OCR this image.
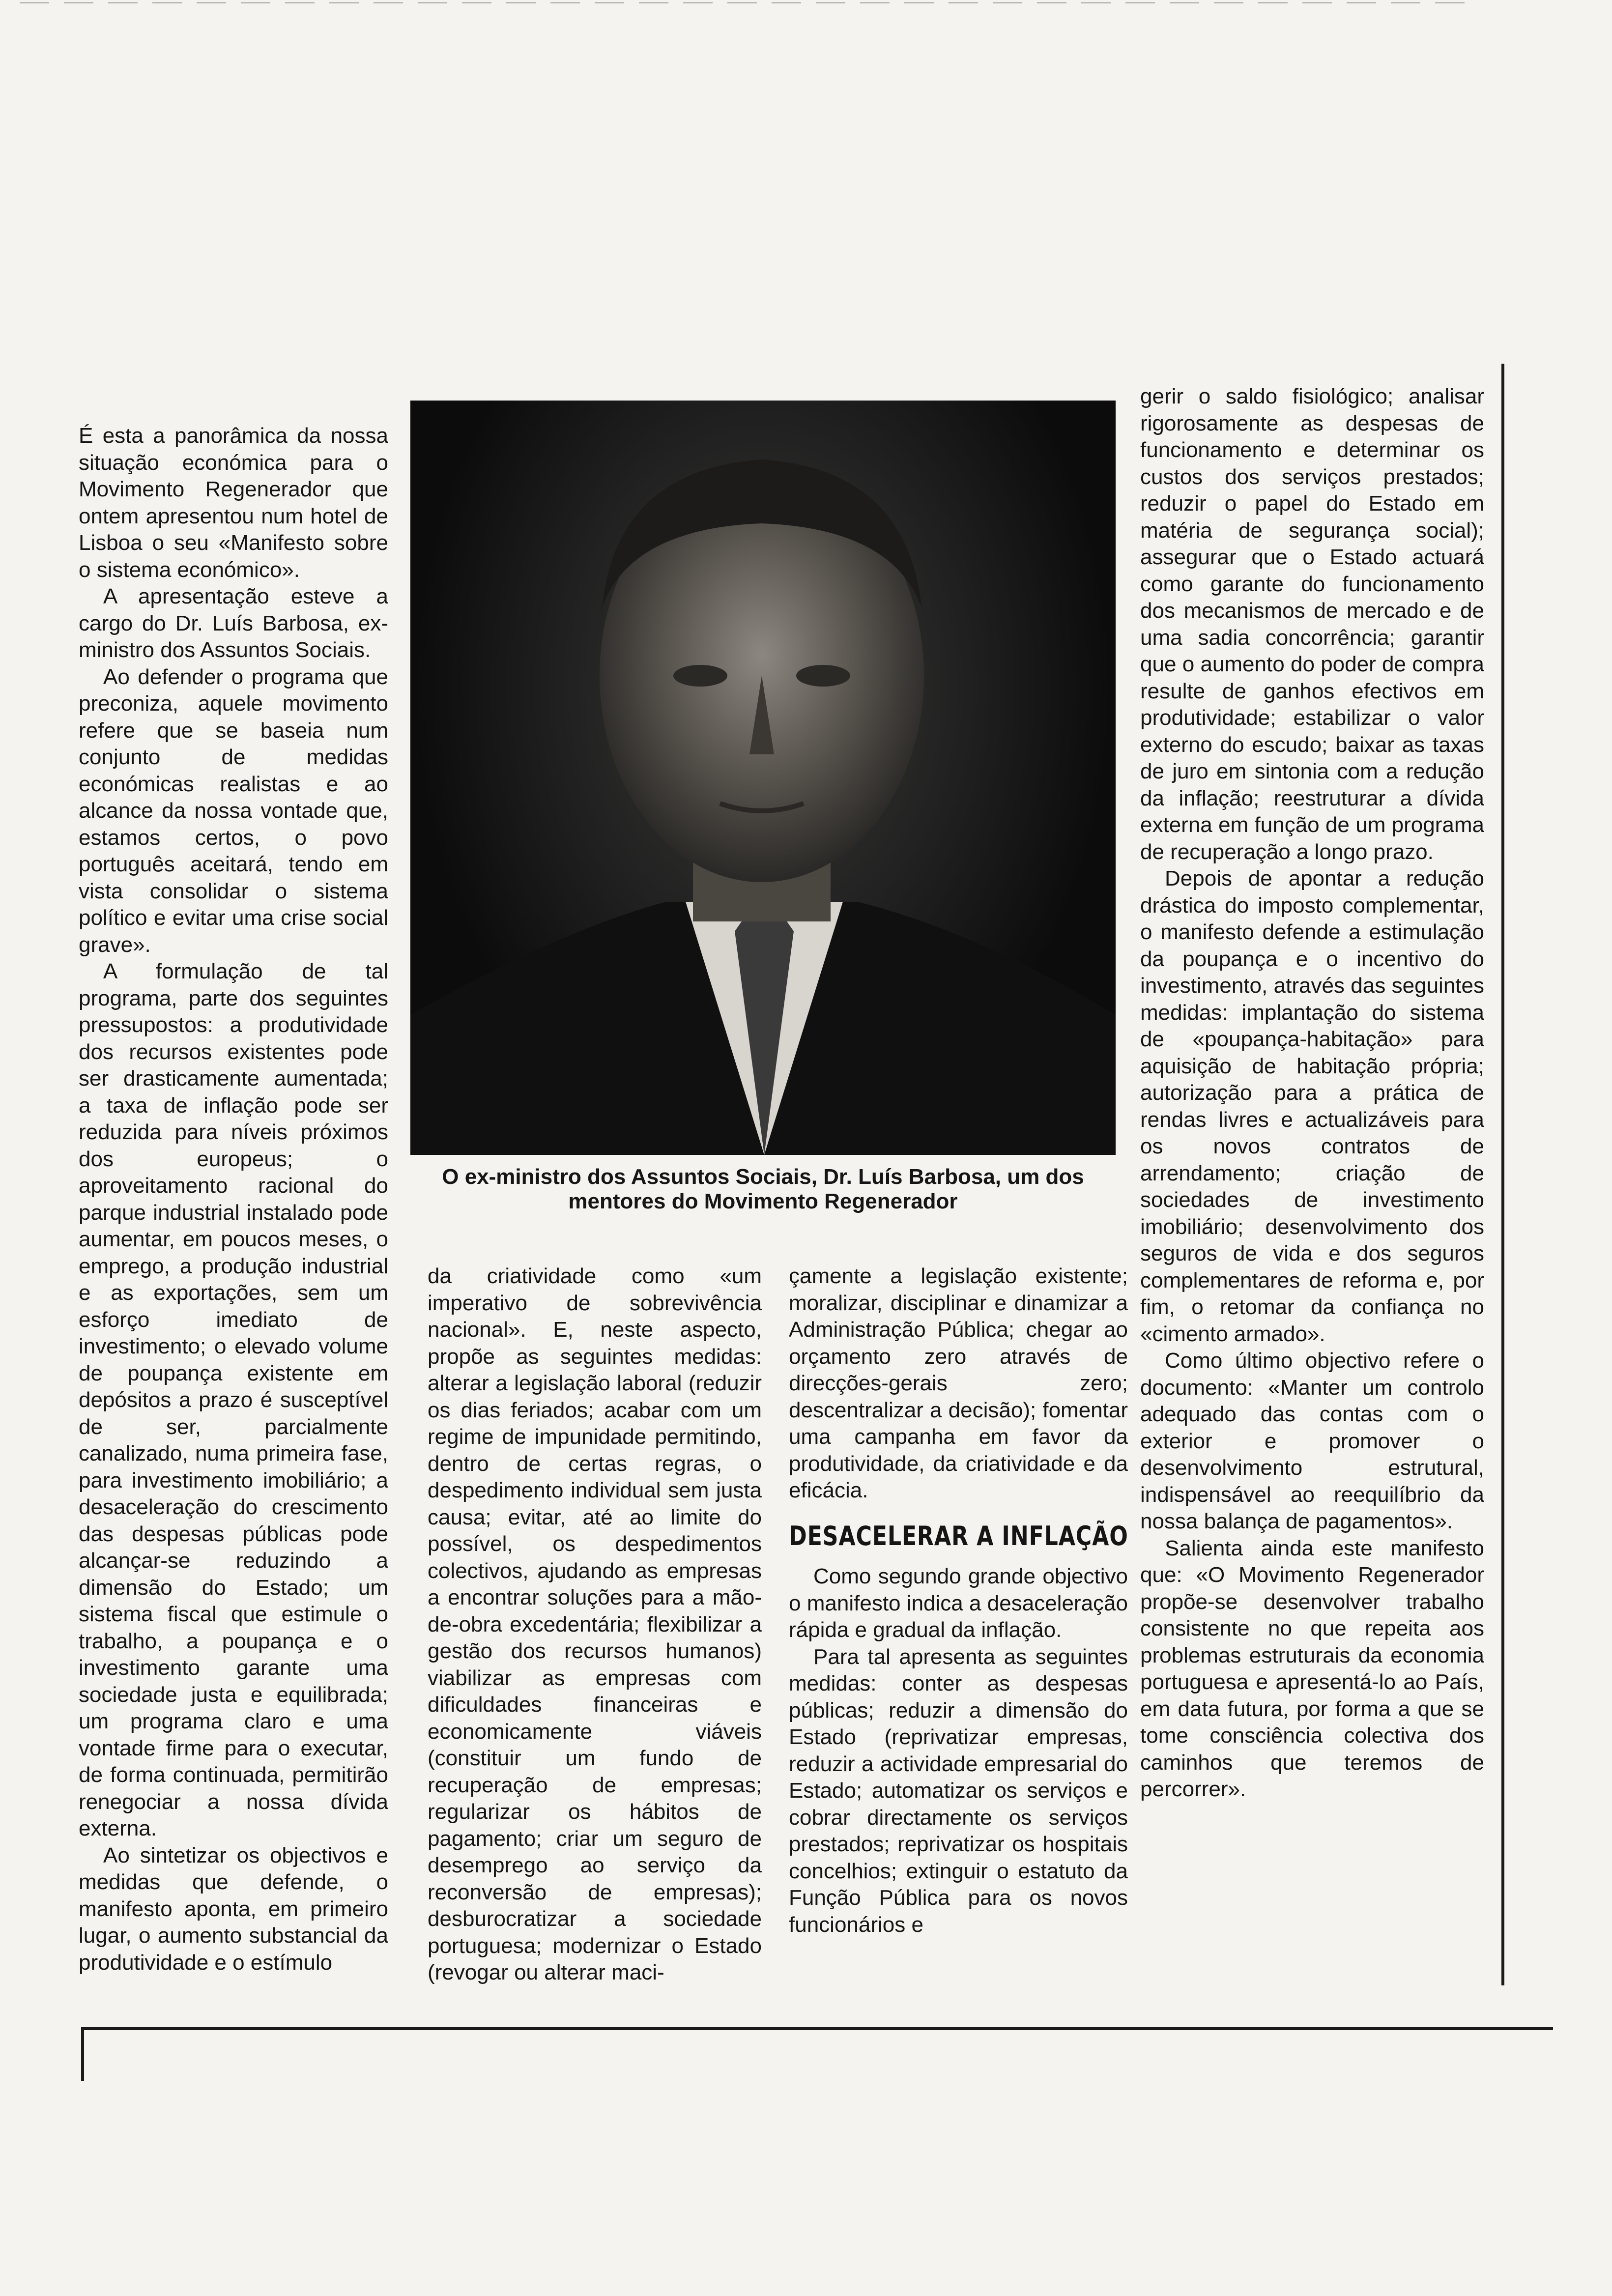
É esta a panorâmica da nossa situação económica para o Movimento Regenerador que ontem apresentou num hotel de Lisboa o seu «Manifesto sobre o sistema económico».

A apresentação esteve a cargo do Dr. Luís Barbosa, ex-ministro dos Assuntos Sociais.

Ao defender o programa que preconiza, aquele movimento refere que se baseia num conjunto de medidas económicas realistas e ao alcance da nossa vontade que, estamos certos, o povo português aceitará, tendo em vista consolidar o sistema político e evitar uma crise social grave».

A formulação de tal programa, parte dos seguintes pressupostos: a produtividade dos recursos existentes pode ser drasticamente aumentada; a taxa de inflação pode ser reduzida para níveis próximos dos europeus; o aproveitamento racional do parque industrial instalado pode aumentar, em poucos meses, o emprego, a produção industrial e as exportações, sem um esforço imediato de investimento; o elevado volume de poupança existente em depósitos a prazo é susceptível de ser, parcialmente canalizado, numa primeira fase, para investimento imobiliário; a desaceleração do crescimento das despesas públicas pode alcançar-se reduzindo a dimensão do Estado; um sistema fiscal que estimule o trabalho, a poupança e o investimento garante uma sociedade justa e equilibrada; um programa claro e uma vontade firme para o executar, de forma continuada, permitirão renegociar a nossa dívida externa.

Ao sintetizar os objectivos e medidas que defende, o manifesto aponta, em primeiro lugar, o aumento substancial da produtividade e o estímulo

O ex-ministro dos Assuntos Sociais, Dr. Luís Barbosa, um dos mentores do Movimento Regenerador

da criatividade como «um imperativo de sobrevivência nacional». E, neste aspecto, propõe as seguintes medidas: alterar a legislação laboral (reduzir os dias feriados; acabar com um regime de impunidade permitindo, dentro de certas regras, o despedimento individual sem justa causa; evitar, até ao limite do possível, os despedimentos colectivos, ajudando as empresas a encontrar soluções para a mão-de-obra excedentária; flexibilizar a gestão dos recursos humanos) viabilizar as empresas com dificuldades financeiras e economicamente viáveis (constituir um fundo de recuperação de empresas; regularizar os hábitos de pagamento; criar um seguro de desemprego ao serviço da reconversão de empresas); desburocratizar a sociedade portuguesa; modernizar o Estado (revogar ou alterar maci-

çamente a legislação existente; moralizar, disciplinar e dinamizar a Administração Pública; chegar ao orçamento zero através de direcções-gerais zero; descentralizar a decisão); fomentar uma campanha em favor da produtividade, da criatividade e da eficácia.

DESACELERAR A INFLAÇÃO

Como segundo grande objectivo o manifesto indica a desaceleração rápida e gradual da inflação.

Para tal apresenta as seguintes medidas: conter as despesas públicas; reduzir a dimensão do Estado (reprivatizar empresas, reduzir a actividade empresarial do Estado; automatizar os serviços e cobrar directamente os serviços prestados; reprivatizar os hospitais concelhios; extinguir o estatuto da Função Pública para os novos funcionários e

gerir o saldo fisiológico; analisar rigorosamente as despesas de funcionamento e determinar os custos dos serviços prestados; reduzir o papel do Estado em matéria de segurança social); assegurar que o Estado actuará como garante do funcionamento dos mecanismos de mercado e de uma sadia concorrência; garantir que o aumento do poder de compra resulte de ganhos efectivos em produtividade; estabilizar o valor externo do escudo; baixar as taxas de juro em sintonia com a redução da inflação; reestruturar a dívida externa em função de um programa de recuperação a longo prazo.

Depois de apontar a redução drástica do imposto complementar, o manifesto defende a estimulação da poupança e o incentivo do investimento, através das seguintes medidas: implantação do sistema de «poupança-habitação» para aquisição de habitação própria; autorização para a prática de rendas livres e actualizáveis para os novos contratos de arrendamento; criação de sociedades de investimento imobiliário; desenvolvimento dos seguros de vida e dos seguros complementares de reforma e, por fim, o retomar da confiança no «cimento armado».

Como último objectivo refere o documento: «Manter um controlo adequado das contas com o exterior e promover o desenvolvimento estrutural, indispensável ao reequilíbrio da nossa balança de pagamentos».

Salienta ainda este manifesto que: «O Movimento Regenerador propõe-se desenvolver trabalho consistente no que repeita aos problemas estruturais da economia portuguesa e apresentá-lo ao País, em data futura, por forma a que se tome consciência colectiva dos caminhos que teremos de percorrer».
